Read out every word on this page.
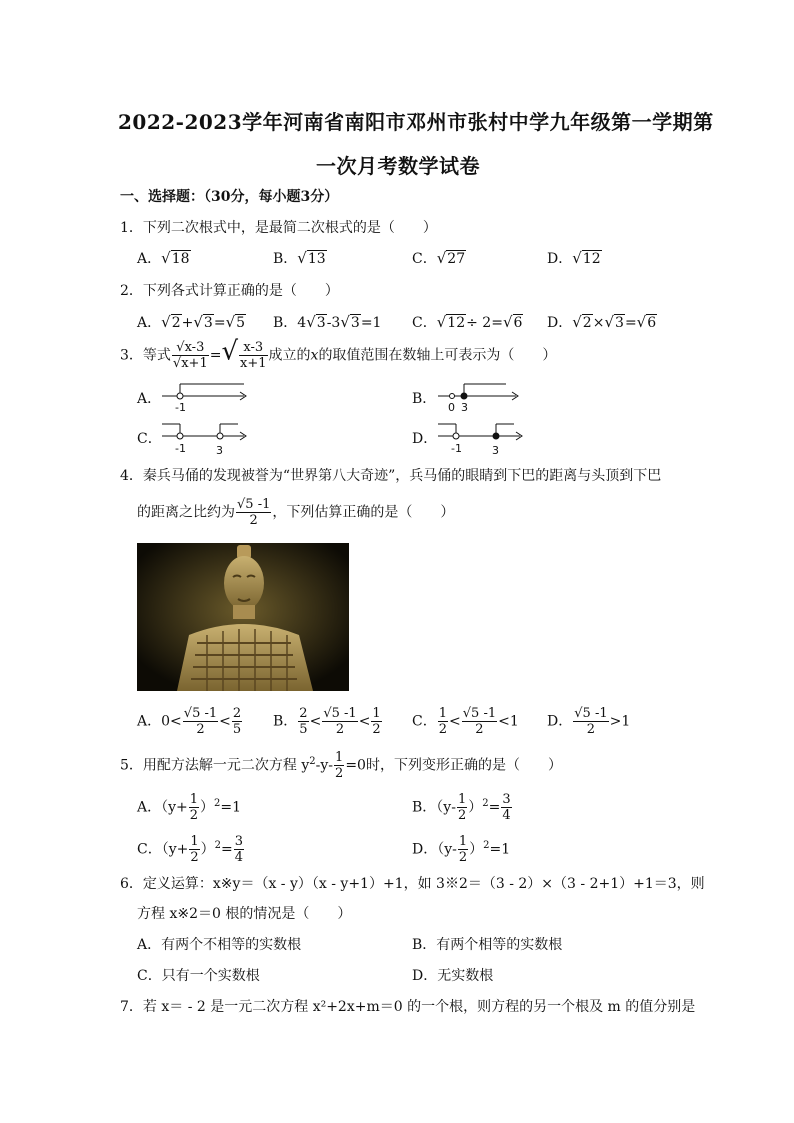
2022-2023学年河南省南阳市邓州市张村中学九年级第一学期第
一次月考数学试卷
一、选择题：（30分，每小题3分）
1．下列二次根式中，是最简二次根式的是（　　）
A．√18	B．√13	C．√27	D．√12
2．下列各式计算正确的是（　　）
A．√2+√3=√5 B．4√3-3√3=1 C．√12÷ 2=√6 D．√2×√3=√6
3．等式 $\frac{√x-3}{√x+1}$ =√ $\frac{x-3}{x+1}$ 成立的x的取值范围在数轴上可表示为（　　）
A．
-1
B．
0 3
C．
-1	3
D．
-1	3
4．秦兵马俑的发现被誉为“世界第八大奇迹”，兵马俑的眼睛到下巴的距离与头顶到下巴
的距离之比约为 $\frac{√5 -1}{2}$ ，下列估算正确的是（　　）
A．$0< \frac{√5 -1}{2} < \frac{2}{5}$ B． $\frac{2}{5} < \frac{√5 -1}{2} < \frac{1}{2}$ C． $\frac{1}{2} < \frac{√5 -1}{2} <1$ D． $\frac{√5 -1}{2} >1$
5．用配方法解一元二次方程 $y^2-y- \frac{1}{2} =0$时，下列变形正确的是（　　）
A．$(y+ \frac{1}{2} )^2=1$	B．$(y- \frac{1}{2} )^2= \frac{3}{4}$
C．$(y+ \frac{1}{2} )^2= \frac{3}{4}$	D．$(y- \frac{1}{2} )^2=1$
6．定义运算：x※y＝（x - y）（x - y+1）+1，如 3※2＝（3 - 2）×（3 - 2+1）+1＝3，则
方程 x※2＝0 根的情况是（　　）
A．有两个不相等的实数根	B．有两个相等的实数根
C．只有一个实数根	D．无实数根
7．若 x＝ - 2 是一元二次方程 x²+2x+m＝0 的一个根，则方程的另一个根及 m 的值分别是
